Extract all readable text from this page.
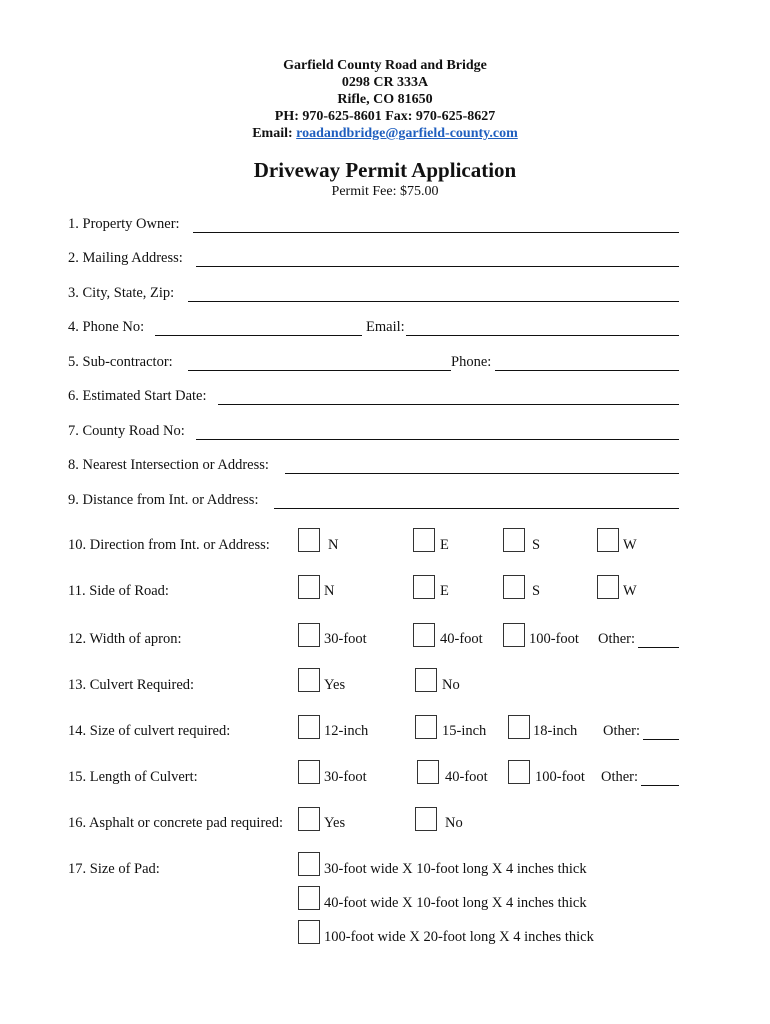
Garfield County Road and Bridge
0298 CR 333A
Rifle, CO 81650
PH: 970-625-8601 Fax: 970-625-8627
Email: roadandbridge@garfield-county.com
Driveway Permit Application
Permit Fee: $75.00
1. Property Owner:
2. Mailing Address:
3. City, State, Zip:
4. Phone No:	Email:
5. Sub-contractor:	Phone:
6. Estimated Start Date:
7. County Road No:
8. Nearest Intersection or Address:
9. Distance from Int. or Address:
10. Direction from Int. or Address:	N	E	S	W
11. Side of Road:	N	E	S	W
12. Width of apron:	30-foot	40-foot	100-foot Other:
13. Culvert Required:	Yes	No
14. Size of culvert required:	12-inch	15-inch	18-inch Other:
15. Length of Culvert:	30-foot	40-foot	100-foot Other:
16. Asphalt or concrete pad required:	Yes	No
17. Size of Pad:	30-foot wide X 10-foot long X 4 inches thick
40-foot wide X 10-foot long X 4 inches thick
100-foot wide X 20-foot long X 4 inches thick
